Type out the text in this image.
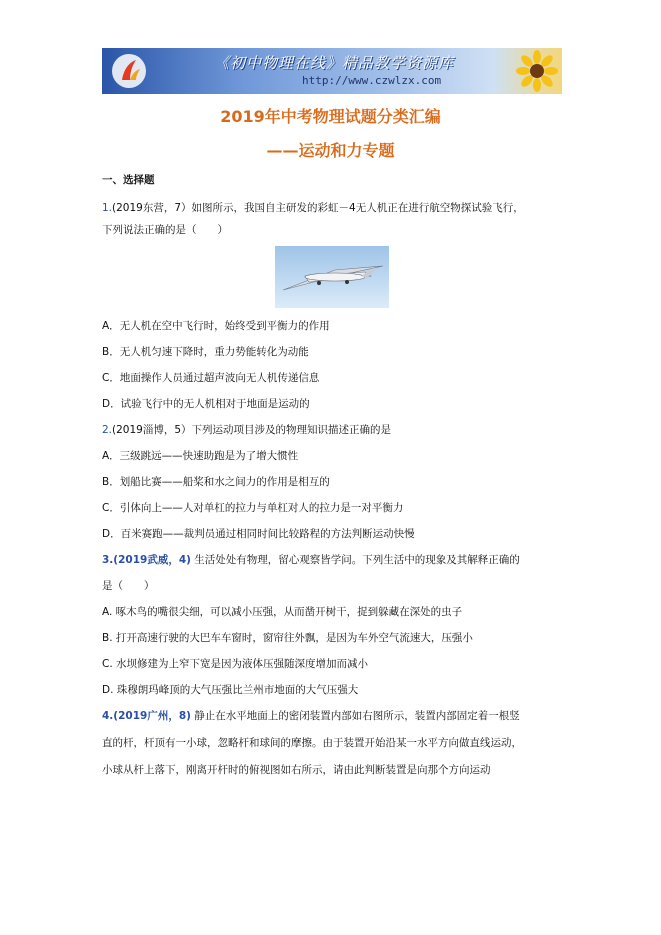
《初中物理在线》精品教学资源库
http://www.czwlzx.com
2019年中考物理试题分类汇编
——运动和力专题
一、选择题
1.(2019东营，7）如图所示，我国自主研发的彩虹－4无人机正在进行航空物探试验飞行，
下列说法正确的是（　　）
A．无人机在空中飞行时，始终受到平衡力的作用
B．无人机匀速下降时，重力势能转化为动能
C．地面操作人员通过超声波向无人机传递信息
D．试验飞行中的无人机相对于地面是运动的
2.(2019淄博，5）下列运动项目涉及的物理知识描述正确的是
A．三级跳远——快速助跑是为了增大惯性
B．划船比赛——船桨和水之间力的作用是相互的
C．引体向上——人对单杠的拉力与单杠对人的拉力是一对平衡力
D．百米赛跑——裁判员通过相同时间比较路程的方法判断运动快慢
3.(2019武威，4) 生活处处有物理，留心观察皆学问。下列生活中的现象及其解释正确的
是（　　）
A. 啄木鸟的嘴很尖细，可以减小压强，从而凿开树干，捉到躲藏在深处的虫子
B. 打开高速行驶的大巴车车窗时，窗帘往外飘，是因为车外空气流速大，压强小
C. 水坝修建为上窄下宽是因为液体压强随深度增加而减小
D. 珠穆朗玛峰顶的大气压强比兰州市地面的大气压强大
4.(2019广州，8) 静止在水平地面上的密闭装置内部如右图所示，装置内部固定着一根竖
直的杆，杆顶有一小球，忽略杆和球间的摩擦。由于装置开始沿某一水平方向做直线运动，
小球从杆上落下，刚离开杆时的俯视图如右所示，请由此判断装置是向那个方向运动
